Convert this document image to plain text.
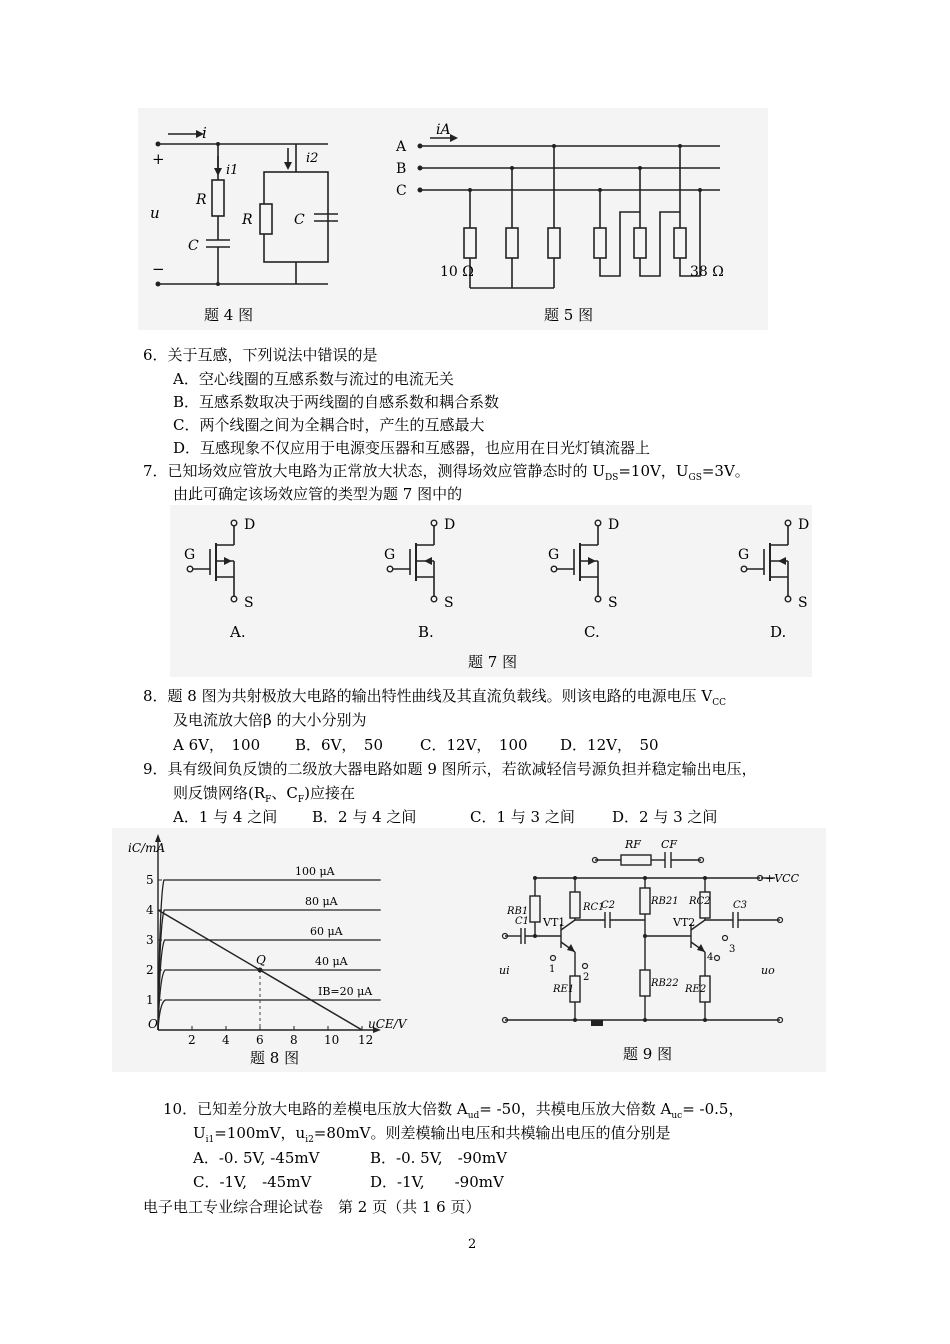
i
i1
i2
+
−
u
R
C
R	C
题 4 图
iA
A
B
C
10 Ω	38 Ω
题 5 图
6．关于互感，下列说法中错误的是
A．空心线圈的互感系数与流过的电流无关
B．互感系数取决于两线圈的自感系数和耦合系数
C．两个线圈之间为全耦合时，产生的互感最大
D．互感现象不仅应用于电源变压器和互感器，也应用在日光灯镇流器上
7．已知场效应管放大电路为正常放大状态，测得场效应管静态时的 $U_{DS}=10V$，$U_{GS}=3V$。
由此可确定该场效应管的类型为题 7 图中的
D
G
S
A.
D
G
S
B.
D
G
S
C.
D
G
S
D.
题 7 图
8．题 8 图为共射极放大电路的输出特性曲线及其直流负载线。则该电路的电源电压 $V_{CC}$
及电流放大倍β 的大小分别为
A 6V，　100 B．6V，　50 C．12V，　100 D．12V，　50
9．具有级间负反馈的二级放大器电路如题 9 图所示，若欲减轻信号源负担并稳定输出电压，
则反馈网络($R_F$、$C_F$)应接在
A．1 与 4 之间 B．2 与 4 之间	C．1 与 3 之间 D．2 与 3 之间
iC/mA
uCE/V
O
2 4 6 8 10 12
1
2
3
4
5
100 μA
80 μA
60 μA
40 μA
IB=20 μA
Q
题 8 图
RF CF
+VCC
RB1	RC1
RB21 RC2
C1
C2	C3
VT1	VT2
RE1
RB22
RE2
ui	uo
1
2
3
4
题 9 图
10．已知差分放大电路的差模电压放大倍数 $A_{ud}= -50$，共模电压放大倍数 $A_{uc}= -0.5$，
$U_{i1}=100mV$，$u_{i2}=80mV$。则差模输出电压和共模输出电压的值分别是
A．-0. 5V, -45mV	B．-0. 5V,　-90mV
C．-1V,　-45mV	D．-1V,　　-90mV
电子电工专业综合理论试卷　第 2 页（共 1 6 页）
2
